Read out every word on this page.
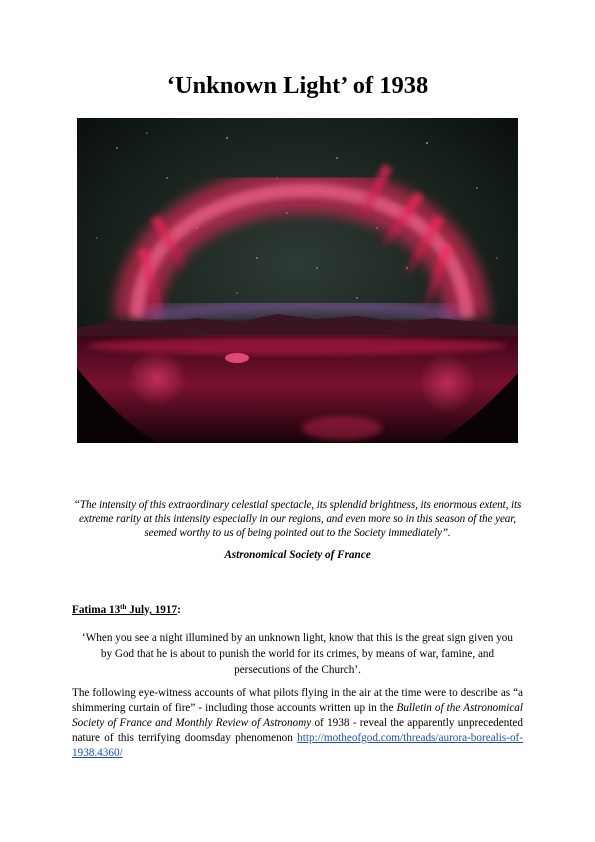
‘Unknown Light’ of 1938

“The intensity of this extraordinary celestial spectacle, its splendid brightness, its enormous extent, its extreme rarity at this intensity especially in our regions, and even more so in this season of the year, seemed worthy to us of being pointed out to the Society immediately”.

Astronomical Society of France

Fatima 13th July, 1917:

‘When you see a night illumined by an unknown light, know that this is the great sign given you by God that he is about to punish the world for its crimes, by means of war, famine, and persecutions of the Church’.

The following eye-witness accounts of what pilots flying in the air at the time were to describe as “a shimmering curtain of fire” - including those accounts written up in the Bulletin of the Astronomical Society of France and Monthly Review of Astronomy of 1938 - reveal the apparently unprecedented nature of this terrifying doomsday phenomenon http://motheofgod.com/threads/aurora-borealis-of-1938.4360/
